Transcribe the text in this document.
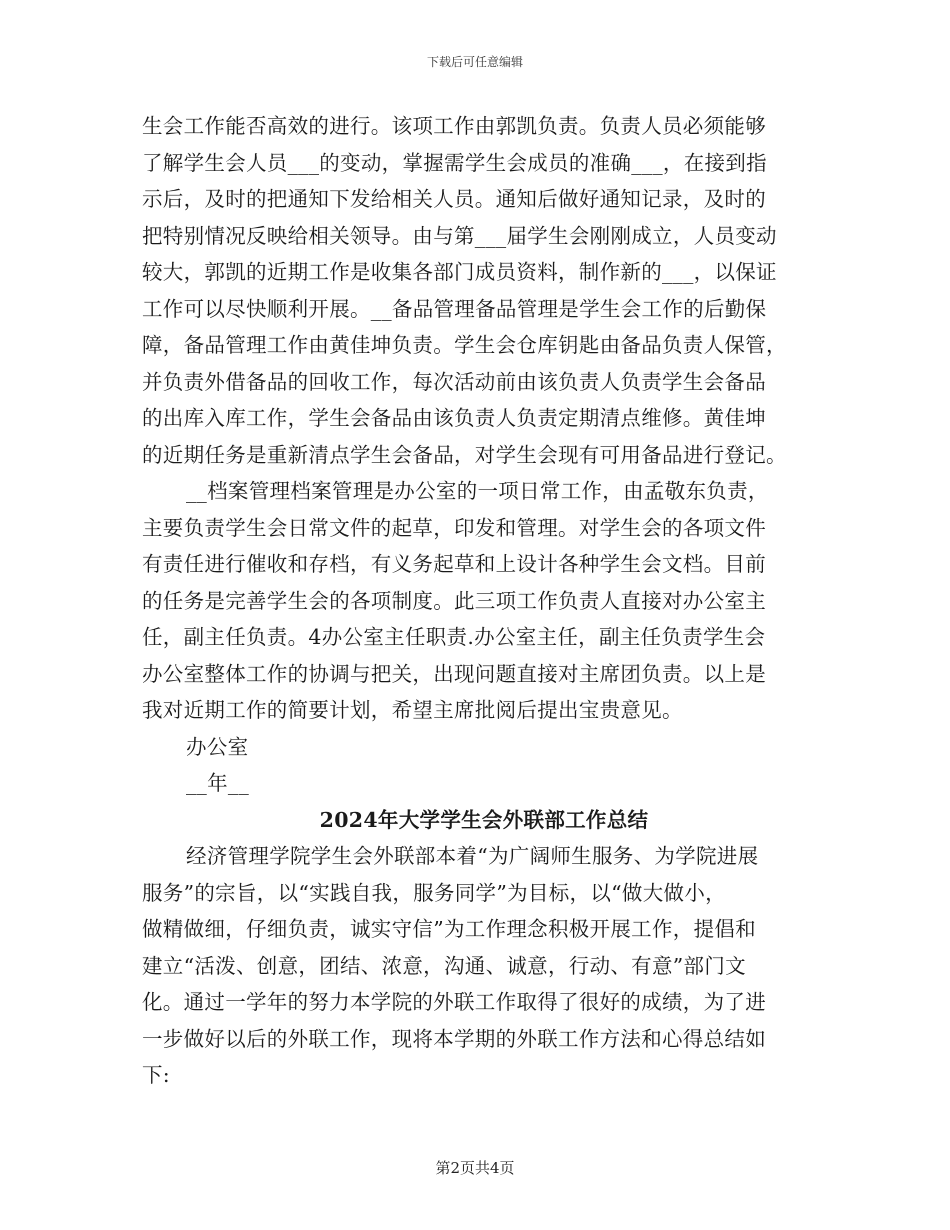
下载后可任意编辑

生会工作能否高效的进行。该项工作由郭凯负责。负责人员必须能够

了解学生会人员___的变动，掌握需学生会成员的准确___，在接到指

示后，及时的把通知下发给相关人员。通知后做好通知记录，及时的

把特别情况反映给相关领导。由与第___届学生会刚刚成立，人员变动

较大，郭凯的近期工作是收集各部门成员资料，制作新的___，以保证

工作可以尽快顺利开展。__备品管理备品管理是学生会工作的后勤保

障，备品管理工作由黄佳坤负责。学生会仓库钥匙由备品负责人保管，

并负责外借备品的回收工作，每次活动前由该负责人负责学生会备品

的出库入库工作，学生会备品由该负责人负责定期清点维修。黄佳坤

的近期任务是重新清点学生会备品，对学生会现有可用备品进行登记。

__档案管理档案管理是办公室的一项日常工作，由孟敬东负责，

主要负责学生会日常文件的起草，印发和管理。对学生会的各项文件

有责任进行催收和存档，有义务起草和上设计各种学生会文档。目前

的任务是完善学生会的各项制度。此三项工作负责人直接对办公室主

任，副主任负责。4办公室主任职责.办公室主任，副主任负责学生会

办公室整体工作的协调与把关，出现问题直接对主席团负责。以上是

我对近期工作的简要计划，希望主席批阅后提出宝贵意见。

办公室

__年__

2024年大学学生会外联部工作总结

经济管理学院学生会外联部本着“为广阔师生服务、为学院进展

服务”的宗旨，以“实践自我，服务同学”为目标，以“做大做小，

做精做细，仔细负责，诚实守信”为工作理念积极开展工作，提倡和

建立“活泼、创意，团结、浓意，沟通、诚意，行动、有意”部门文

化。通过一学年的努力本学院的外联工作取得了很好的成绩，为了进

一步做好以后的外联工作，现将本学期的外联工作方法和心得总结如

下:

第2页共4页
